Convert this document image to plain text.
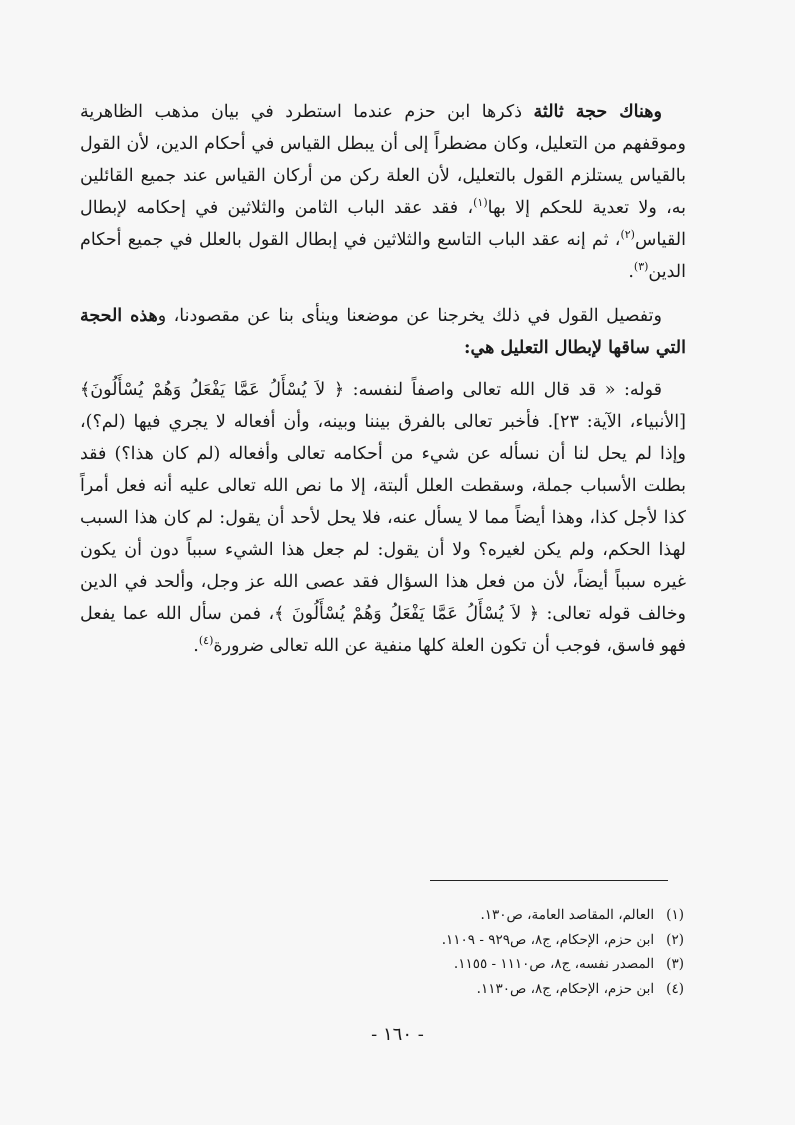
وهناك حجة ثالثة ذكرها ابن حزم عندما استطرد في بيان مذهب الظاهرية وموقفهم من التعليل، وكان مضطراً إلى أن يبطل القياس في أحكام الدين، لأن القول بالقياس يستلزم القول بالتعليل، لأن العلة ركن من أركان القياس عند جميع القائلين به، ولا تعدية للحكم إلا بها$^{(١)}$، فقد عقد الباب الثامن والثلاثين في إحكامه لإبطال القياس$^{(٢)}$، ثم إنه عقد الباب التاسع والثلاثين في إبطال القول بالعلل في جميع أحكام الدين$^{(٣)}$.

وتفصيل القول في ذلك يخرجنا عن موضعنا وينأى بنا عن مقصودنا، وهذه الحجة التي ساقها لإبطال التعليل هي:

قوله: « قد قال الله تعالى واصفاً لنفسه: ﴿ لاَ يُسْأَلُ عَمَّا يَفْعَلُ وَهُمْ يُسْأَلُونَ﴾ [الأنبياء، الآية: ٢٣]. فأخبر تعالى بالفرق بيننا وبينه، وأن أفعاله لا يجري فيها (لم؟)، وإذا لم يحل لنا أن نسأله عن شيء من أحكامه تعالى وأفعاله (لم كان هذا؟) فقد بطلت الأسباب جملة، وسقطت العلل ألبتة، إلا ما نص الله تعالى عليه أنه فعل أمراً كذا لأجل كذا، وهذا أيضاً مما لا يسأل عنه، فلا يحل لأحد أن يقول: لم كان هذا السبب لهذا الحكم، ولم يكن لغيره؟ ولا أن يقول: لم جعل هذا الشيء سبباً دون أن يكون غيره سبباً أيضاً، لأن من فعل هذا السؤال فقد عصى الله عز وجل، وألحد في الدين وخالف قوله تعالى: ﴿ لاَ يُسْأَلُ عَمَّا يَفْعَلُ وَهُمْ يُسْأَلُونَ ﴾، فمن سأل الله عما يفعل فهو فاسق، فوجب أن تكون العلة كلها منفية عن الله تعالى ضرورة$^{(٤)}$.

(١)العالم، المقاصد العامة، ص١٣٠.
(٢)ابن حزم، الإحكام، ج٨، ص٩٢٩ - ١١٠٩.
(٣)المصدر نفسه، ج٨، ص١١١٠ - ١١٥٥.
(٤)ابن حزم، الإحكام، ج٨، ص١١٣٠.
- ١٦٠ -
